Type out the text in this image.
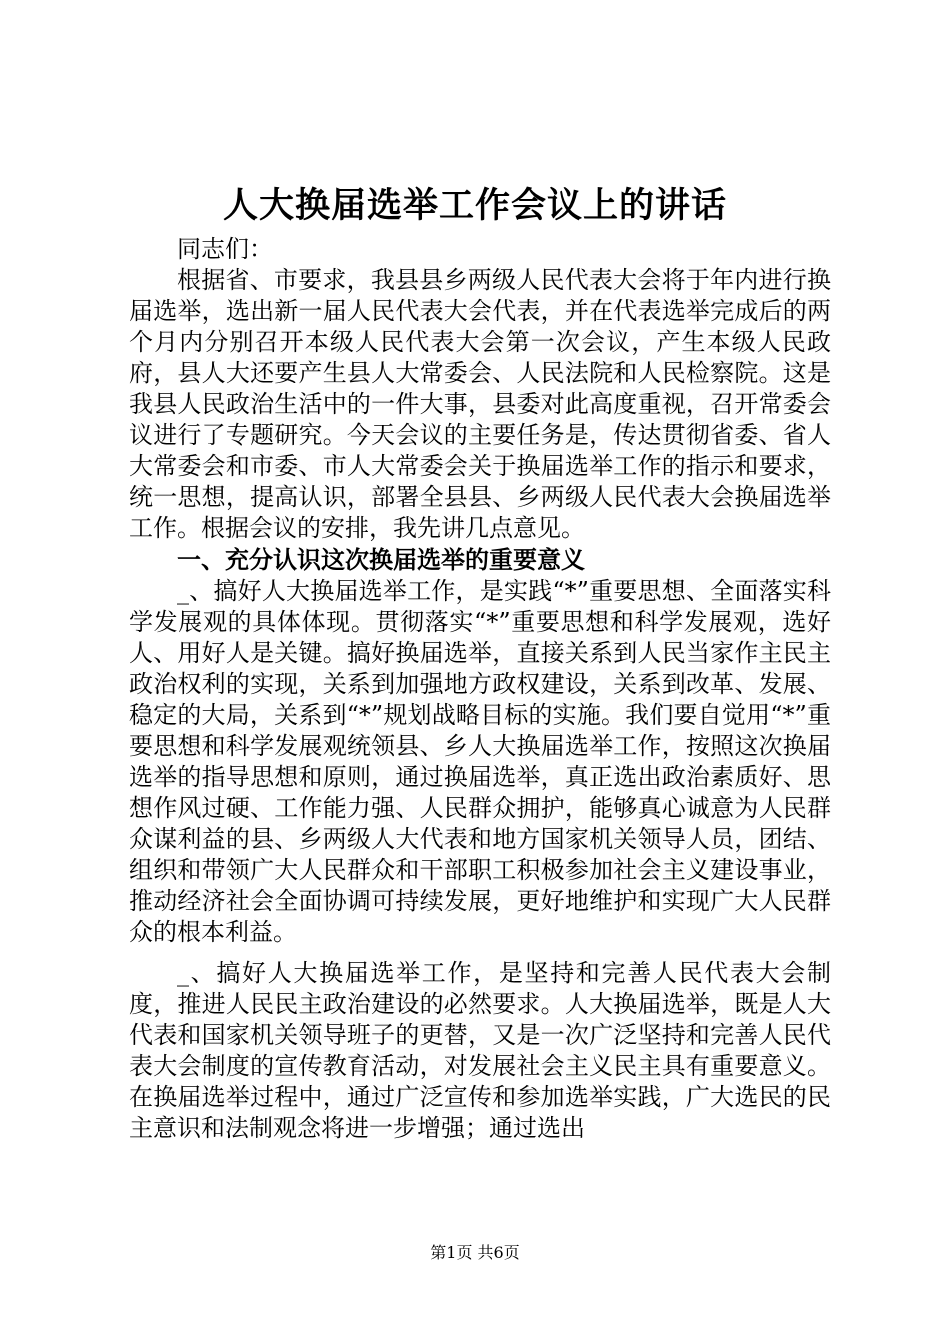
人大换届选举工作会议上的讲话

同志们：

根据省、市要求，我县县乡两级人民代表大会将于年内进行换届选举，选出新一届人民代表大会代表，并在代表选举完成后的两个月内分别召开本级人民代表大会第一次会议，产生本级人民政府，县人大还要产生县人大常委会、人民法院和人民检察院。这是我县人民政治生活中的一件大事，县委对此高度重视，召开常委会议进行了专题研究。今天会议的主要任务是，传达贯彻省委、省人大常委会和市委、市人大常委会关于换届选举工作的指示和要求，统一思想，提高认识，部署全县县、乡两级人民代表大会换届选举工作。根据会议的安排，我先讲几点意见。

一、充分认识这次换届选举的重要意义

_、搞好人大换届选举工作，是实践“*”重要思想、全面落实科学发展观的具体体现。贯彻落实“*”重要思想和科学发展观，选好人、用好人是关键。搞好换届选举，直接关系到人民当家作主民主政治权利的实现，关系到加强地方政权建设，关系到改革、发展、稳定的大局，关系到“*”规划战略目标的实施。我们要自觉用“*”重要思想和科学发展观统领县、乡人大换届选举工作，按照这次换届选举的指导思想和原则，通过换届选举，真正选出政治素质好、思想作风过硬、工作能力强、人民群众拥护，能够真心诚意为人民群众谋利益的县、乡两级人大代表和地方国家机关领导人员，团结、组织和带领广大人民群众和干部职工积极参加社会主义建设事业，推动经济社会全面协调可持续发展，更好地维护和实现广大人民群众的根本利益。

_、搞好人大换届选举工作，是坚持和完善人民代表大会制度，推进人民民主政治建设的必然要求。人大换届选举，既是人大代表和国家机关领导班子的更替，又是一次广泛坚持和完善人民代表大会制度的宣传教育活动，对发展社会主义民主具有重要意义。在换届选举过程中，通过广泛宣传和参加选举实践，广大选民的民主意识和法制观念将进一步增强；通过选出

第1页 共6页
